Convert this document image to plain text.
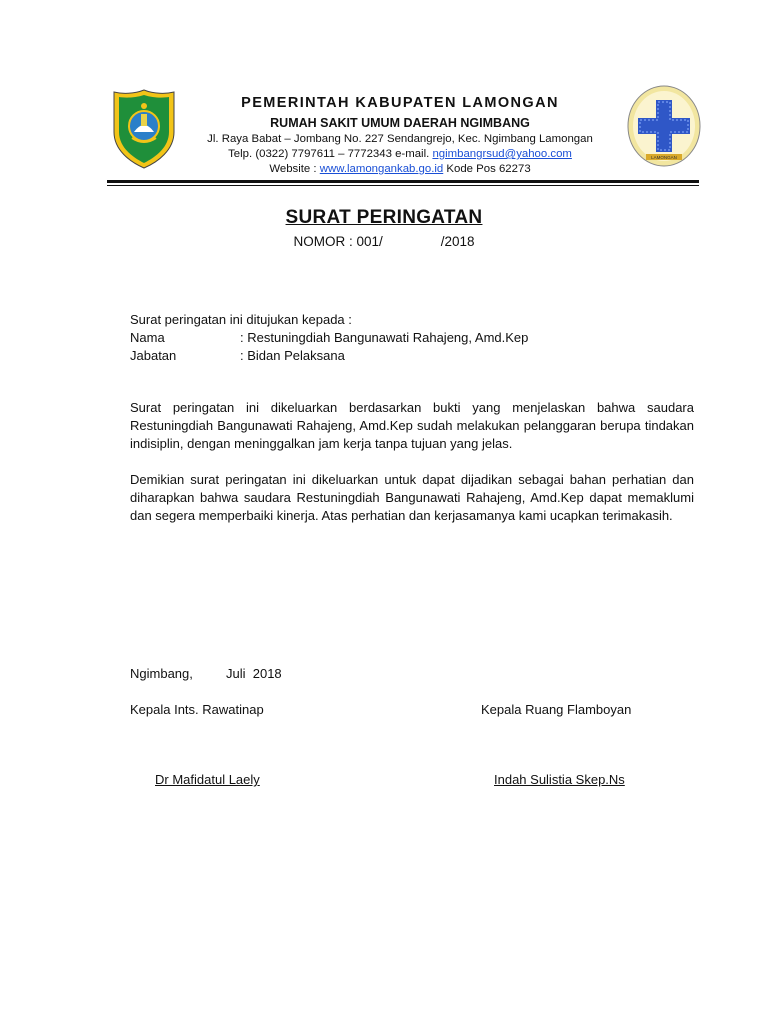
LAMONGAN

PEMERINTAH KABUPATEN LAMONGAN

RUMAH SAKIT UMUM DAERAH NGIMBANG

Jl. Raya Babat – Jombang No. 227 Sendangrejo, Kec. Ngimbang Lamongan

Telp. (0322) 7797611 – 7772343 e-mail. ngimbangrsud@yahoo.com

Website : www.lamongankab.go.id Kode Pos 62273

SURAT PERINGATAN
NOMOR : 001/	/2018
Surat peringatan ini ditujukan kepada :
Nama	: Restuningdiah Bangunawati Rahajeng, Amd.Kep
Jabatan	: Bidan Pelaksana
Surat peringatan ini dikeluarkan berdasarkan bukti yang menjelaskan bahwa saudara Restuningdiah Bangunawati Rahajeng, Amd.Kep sudah melakukan pelanggaran berupa tindakan indisiplin, dengan meninggalkan jam kerja tanpa tujuan yang jelas.
Demikian surat peringatan ini dikeluarkan untuk dapat dijadikan sebagai bahan perhatian dan diharapkan bahwa saudara Restuningdiah Bangunawati Rahajeng, Amd.Kep dapat memaklumi dan segera memperbaiki kinerja. Atas perhatian dan kerjasamanya kami ucapkan terimakasih.
Ngimbang,	Juli  2018
Kepala Ints. Rawatinap	Kepala Ruang Flamboyan
Dr Mafidatul Laely	Indah Sulistia Skep.Ns
